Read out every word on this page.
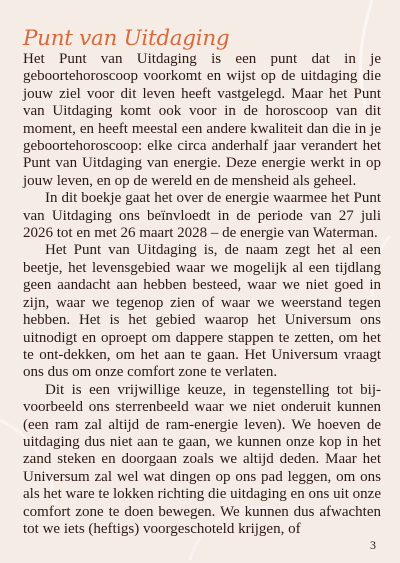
Punt van Uitdaging

Het Punt van Uitdaging is een punt dat in je geboortehoroscoop voorkomt en wijst op de uitdaging die jouw ziel voor dit leven heeft vastgelegd. Maar het Punt van Uitdaging komt ook voor in de horoscoop van dit moment, en heeft meestal een andere kwaliteit dan die in je geboortehoroscoop: elke circa anderhalf jaar verandert het Punt van Uitdaging van energie. Deze energie werkt in op jouw leven, en op de wereld en de mensheid als geheel.

In dit boekje gaat het over de energie waarmee het Punt van Uitdaging ons beïnvloedt in de periode van 27 juli 2026 tot en met 26 maart 2028 – de energie van Waterman.

Het Punt van Uitdaging is, de naam zegt het al een beetje, het levensgebied waar we mogelijk al een tijdlang geen aandacht aan hebben besteed, waar we niet goed in zijn, waar we tegenop zien of waar we weerstand tegen hebben. Het is het gebied waarop het Universum ons uitnodigt en oproept om dappere stappen te zetten, om het te ont-dekken, om het aan te gaan. Het Universum vraagt ons dus om onze comfort zone te verlaten.

Dit is een vrijwillige keuze, in tegenstelling tot bijvoorbeeld ons sterrenbeeld waar we niet onderuit kunnen (een ram zal altijd de ram-energie leven). We hoeven de uitdaging dus niet aan te gaan, we kunnen onze kop in het zand steken en doorgaan zoals we altijd deden. Maar het Universum zal wel wat dingen op ons pad leggen, om ons als het ware te lokken richting die uitdaging en ons uit onze comfort zone te doen bewegen. We kunnen dus afwachten tot we iets (heftigs) voorgeschoteld krijgen, of

3
